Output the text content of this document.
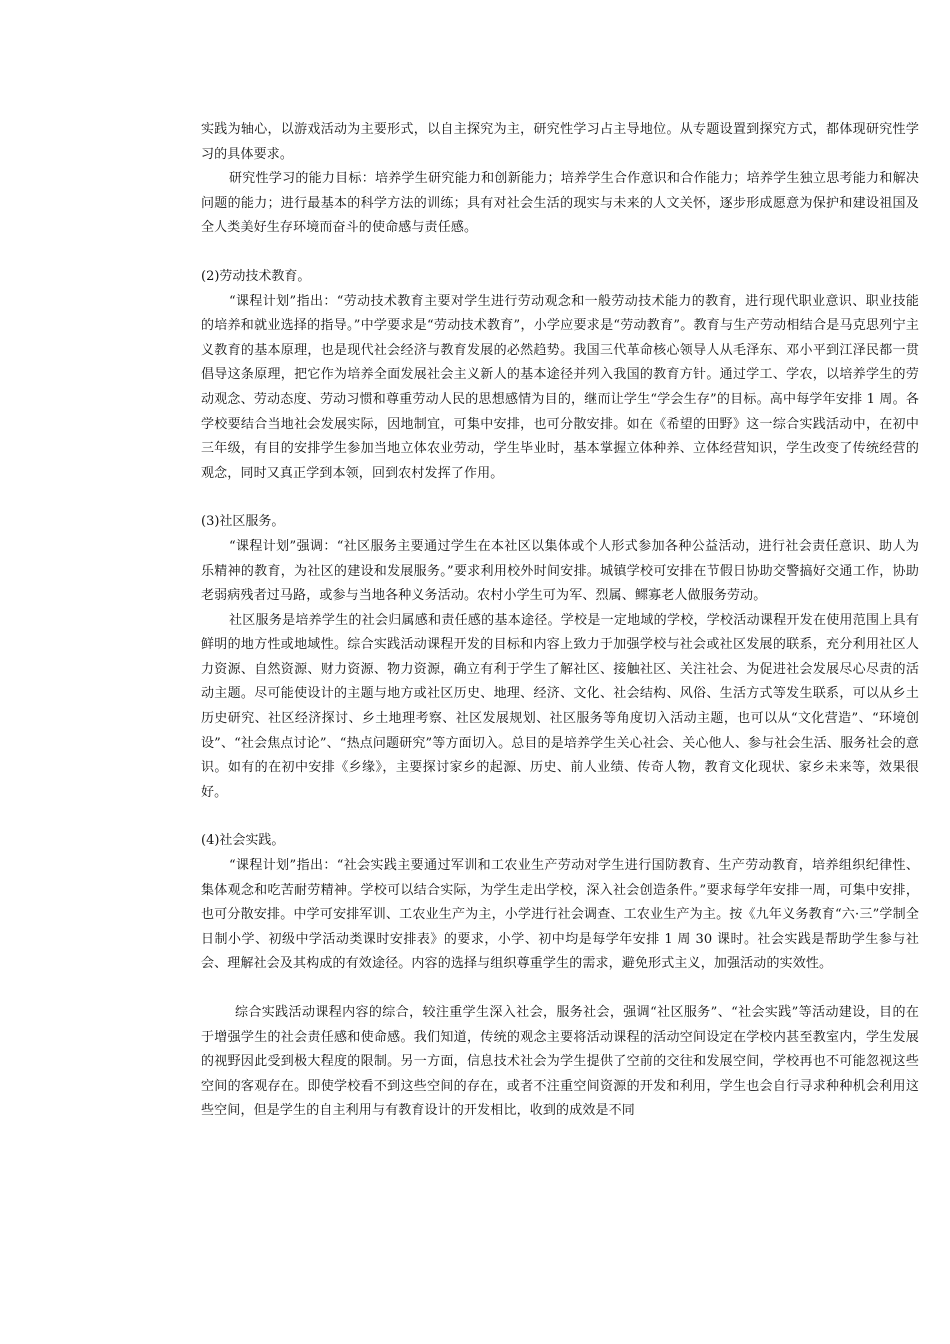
实践为轴心，以游戏活动为主要形式，以自主探究为主，研究性学习占主导地位。从专题设置到探究方式，都体现研究性学习的具体要求。

研究性学习的能力目标：培养学生研究能力和创新能力；培养学生合作意识和合作能力；培养学生独立思考能力和解决问题的能力；进行最基本的科学方法的训练；具有对社会生活的现实与未来的人文关怀，逐步形成愿意为保护和建设祖国及全人类美好生存环境而奋斗的使命感与责任感。

(2)劳动技术教育。

“课程计划”指出：“劳动技术教育主要对学生进行劳动观念和一般劳动技术能力的教育，进行现代职业意识、职业技能的培养和就业选择的指导。”中学要求是“劳动技术教育”，小学应要求是“劳动教育”。教育与生产劳动相结合是马克思列宁主义教育的基本原理，也是现代社会经济与教育发展的必然趋势。我国三代革命核心领导人从毛泽东、邓小平到江泽民都一贯倡导这条原理，把它作为培养全面发展社会主义新人的基本途径并列入我国的教育方针。通过学工、学农，以培养学生的劳动观念、劳动态度、劳动习惯和尊重劳动人民的思想感情为目的，继而让学生“学会生存”的目标。高中每学年安排 1 周。各学校要结合当地社会发展实际，因地制宜，可集中安排，也可分散安排。如在《希望的田野》这一综合实践活动中，在初中三年级，有目的安排学生参加当地立体农业劳动，学生毕业时，基本掌握立体种养、立体经营知识，学生改变了传统经营的观念，同时又真正学到本领，回到农村发挥了作用。

(3)社区服务。

“课程计划”强调：“社区服务主要通过学生在本社区以集体或个人形式参加各种公益活动，进行社会责任意识、助人为乐精神的教育，为社区的建设和发展服务。”要求利用校外时间安排。城镇学校可安排在节假日协助交警搞好交通工作，协助老弱病残者过马路，或参与当地各种义务活动。农村小学生可为军、烈属、鳏寡老人做服务劳动。

社区服务是培养学生的社会归属感和责任感的基本途径。学校是一定地域的学校，学校活动课程开发在使用范围上具有鲜明的地方性或地域性。综合实践活动课程开发的目标和内容上致力于加强学校与社会或社区发展的联系，充分利用社区人力资源、自然资源、财力资源、物力资源，确立有利于学生了解社区、接触社区、关注社会、为促进社会发展尽心尽责的活动主题。尽可能使设计的主题与地方或社区历史、地理、经济、文化、社会结构、风俗、生活方式等发生联系，可以从乡土历史研究、社区经济探讨、乡土地理考察、社区发展规划、社区服务等角度切入活动主题，也可以从“文化营造”、“环境创设”、“社会焦点讨论”、“热点问题研究”等方面切入。总目的是培养学生关心社会、关心他人、参与社会生活、服务社会的意识。如有的在初中安排《乡缘》，主要探讨家乡的起源、历史、前人业绩、传奇人物，教育文化现状、家乡未来等，效果很好。

(4)社会实践。

“课程计划”指出：“社会实践主要通过军训和工农业生产劳动对学生进行国防教育、生产劳动教育，培养组织纪律性、集体观念和吃苦耐劳精神。学校可以结合实际，为学生走出学校，深入社会创造条件。”要求每学年安排一周，可集中安排，也可分散安排。中学可安排军训、工农业生产为主，小学进行社会调查、工农业生产为主。按《九年义务教育“六·三”学制全日制小学、初级中学活动类课时安排表》的要求，小学、初中均是每学年安排 1 周 30 课时。社会实践是帮助学生参与社会、理解社会及其构成的有效途径。内容的选择与组织尊重学生的需求，避免形式主义，加强活动的实效性。

综合实践活动课程内容的综合，较注重学生深入社会，服务社会，强调“社区服务”、“社会实践”等活动建设，目的在于增强学生的社会责任感和使命感。我们知道，传统的观念主要将活动课程的活动空间设定在学校内甚至教室内，学生发展的视野因此受到极大程度的限制。另一方面，信息技术社会为学生提供了空前的交往和发展空间，学校再也不可能忽视这些空间的客观存在。即使学校看不到这些空间的存在，或者不注重空间资源的开发和利用，学生也会自行寻求种种机会利用这些空间，但是学生的自主利用与有教育设计的开发相比，收到的成效是不同
